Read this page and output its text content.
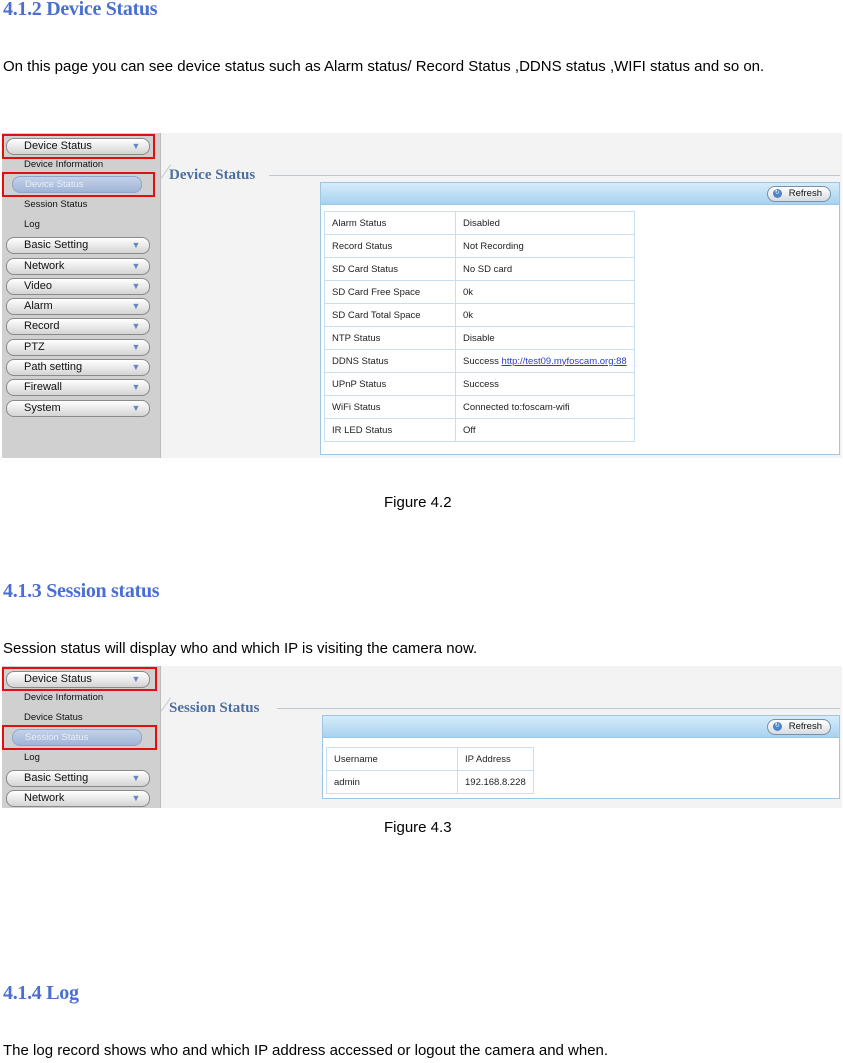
4.1.2 Device Status

On this page you can see device status such as Alarm status/ Record Status ,DDNS status ,WIFI status and so on.

Device Status	▼
Device Information
Device Status
Session Status
Log
Basic Setting	▼
Network	▼
Video	▼
Alarm	▼
Record	▼
PTZ	▼
Path setting	▼
Firewall	▼
System	▼
Device Status
↻ Refresh
Alarm Status	Disabled
Record Status	Not Recording
SD Card Status	No SD card
SD Card Free Space	0k
SD Card Total Space	0k
NTP Status	Disable
DDNS Status	Success http://test09.myfoscam.org:88
UPnP Status	Success
WiFi Status	Connected to:foscam-wifi
IR LED Status	Off
Figure 4.2
4.1.3 Session status

Session status will display who and which IP is visiting the camera now.

Device Status	▼
Device Information
Device Status
Session Status
Log
Basic Setting	▼
Network	▼
Session Status
↻ Refresh
Username	IP Address
admin	192.168.8.228
Figure 4.3
4.1.4 Log

The log record shows who and which IP address accessed or logout the camera and when.
